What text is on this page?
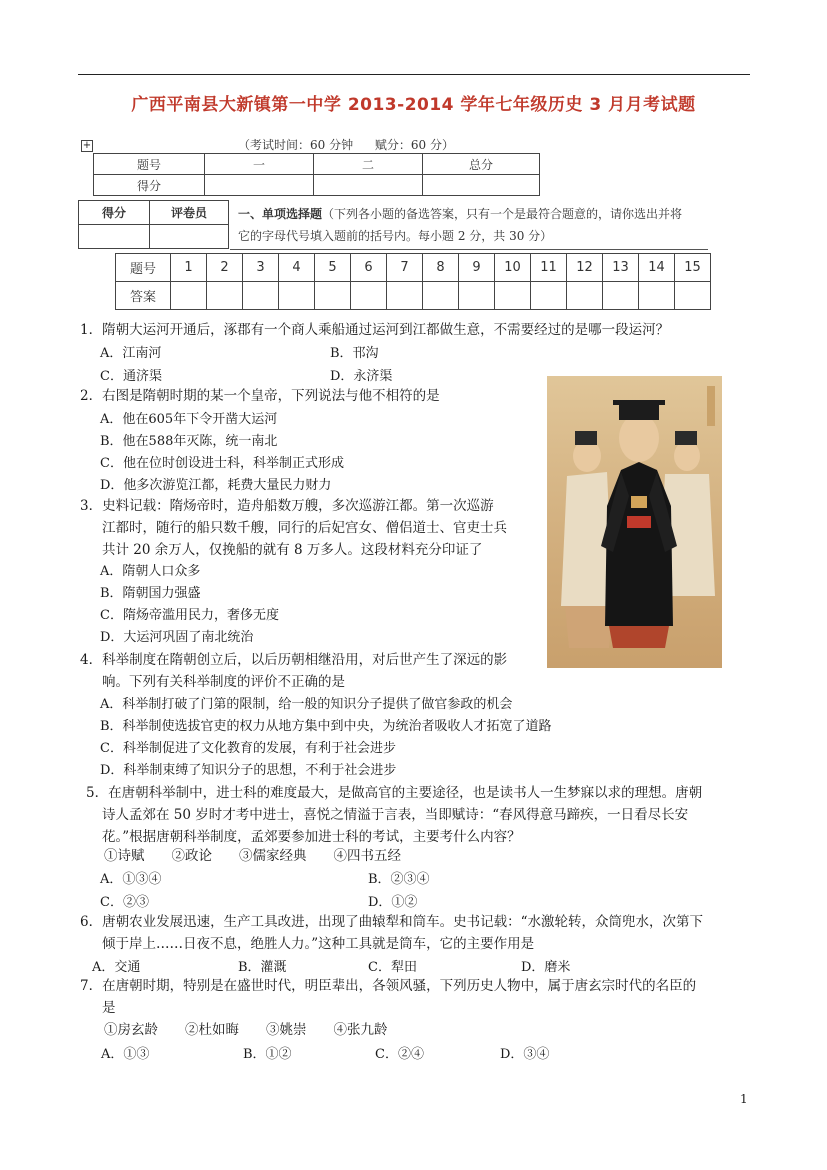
广西平南县大新镇第一中学 2013-2014 学年七年级历史 3 月月考试题
+	（考试时间：60 分钟 赋分：60 分）
题号	一	二	总分
得分			
得分	评卷员
		一、单项选择题（下列各小题的备选答案，只有一个是最符合题意的，请你选出并将
它的字母代号填入题前的括号内。每小题 2 分，共 30 分）
题号	1	2	3	4	5	6	7	8	9	10	11	12	13	14	15
答案															
1．隋朝大运河开通后，涿郡有一个商人乘船通过运河到江都做生意，不需要经过的是哪一段运河？
A．江南河	B．邗沟
C．通济渠	D．永济渠
2．右图是隋朝时期的某一个皇帝，下列说法与他不相符的是
A．他在605年下令开凿大运河
B．他在588年灭陈，统一南北
C．他在位时创设进士科，科举制正式形成
D．他多次游览江都，耗费大量民力财力
3．史料记载：隋炀帝时，造舟船数万艘，多次巡游江都。第一次巡游
江都时，随行的船只数千艘，同行的后妃宫女、僧侣道士、官吏士兵
共计 20 余万人，仅挽船的就有 8 万多人。这段材料充分印证了
A．隋朝人口众多
B．隋朝国力强盛
C．隋炀帝滥用民力，奢侈无度
D．大运河巩固了南北统治
4．科举制度在隋朝创立后，以后历朝相继沿用，对后世产生了深远的影
响。下列有关科举制度的评价不正确的是
A．科举制打破了门第的限制，给一般的知识分子提供了做官参政的机会
B．科举制使选拔官吏的权力从地方集中到中央，为统治者吸收人才拓宽了道路
C．科举制促进了文化教育的发展，有利于社会进步
D．科举制束缚了知识分子的思想，不利于社会进步
5．在唐朝科举制中，进士科的难度最大，是做高官的主要途径，也是读书人一生梦寐以求的理想。唐朝
诗人孟郊在 50 岁时才考中进士，喜悦之情溢于言表，当即赋诗：“春风得意马蹄疾，一日看尽长安
花。”根据唐朝科举制度，孟郊要参加进士科的考试，主要考什么内容？
①诗赋　　②政论　　③儒家经典　　④四书五经
A．①③④	B．②③④
C．②③	D．①②
6．唐朝农业发展迅速，生产工具改进，出现了曲辕犁和筒车。史书记载：“水激轮转，众筒兜水，次第下
倾于岸上……日夜不息，绝胜人力。”这种工具就是筒车，它的主要作用是
A．交通	B．灌溉	C．犁田	D．磨米
7．在唐朝时期，特别是在盛世时代，明臣辈出，各领风骚，下列历史人物中，属于唐玄宗时代的名臣的
是
①房玄龄　　②杜如晦　　③姚崇　　④张九龄
A．①③	B．①②	C．②④	D．③④
1
